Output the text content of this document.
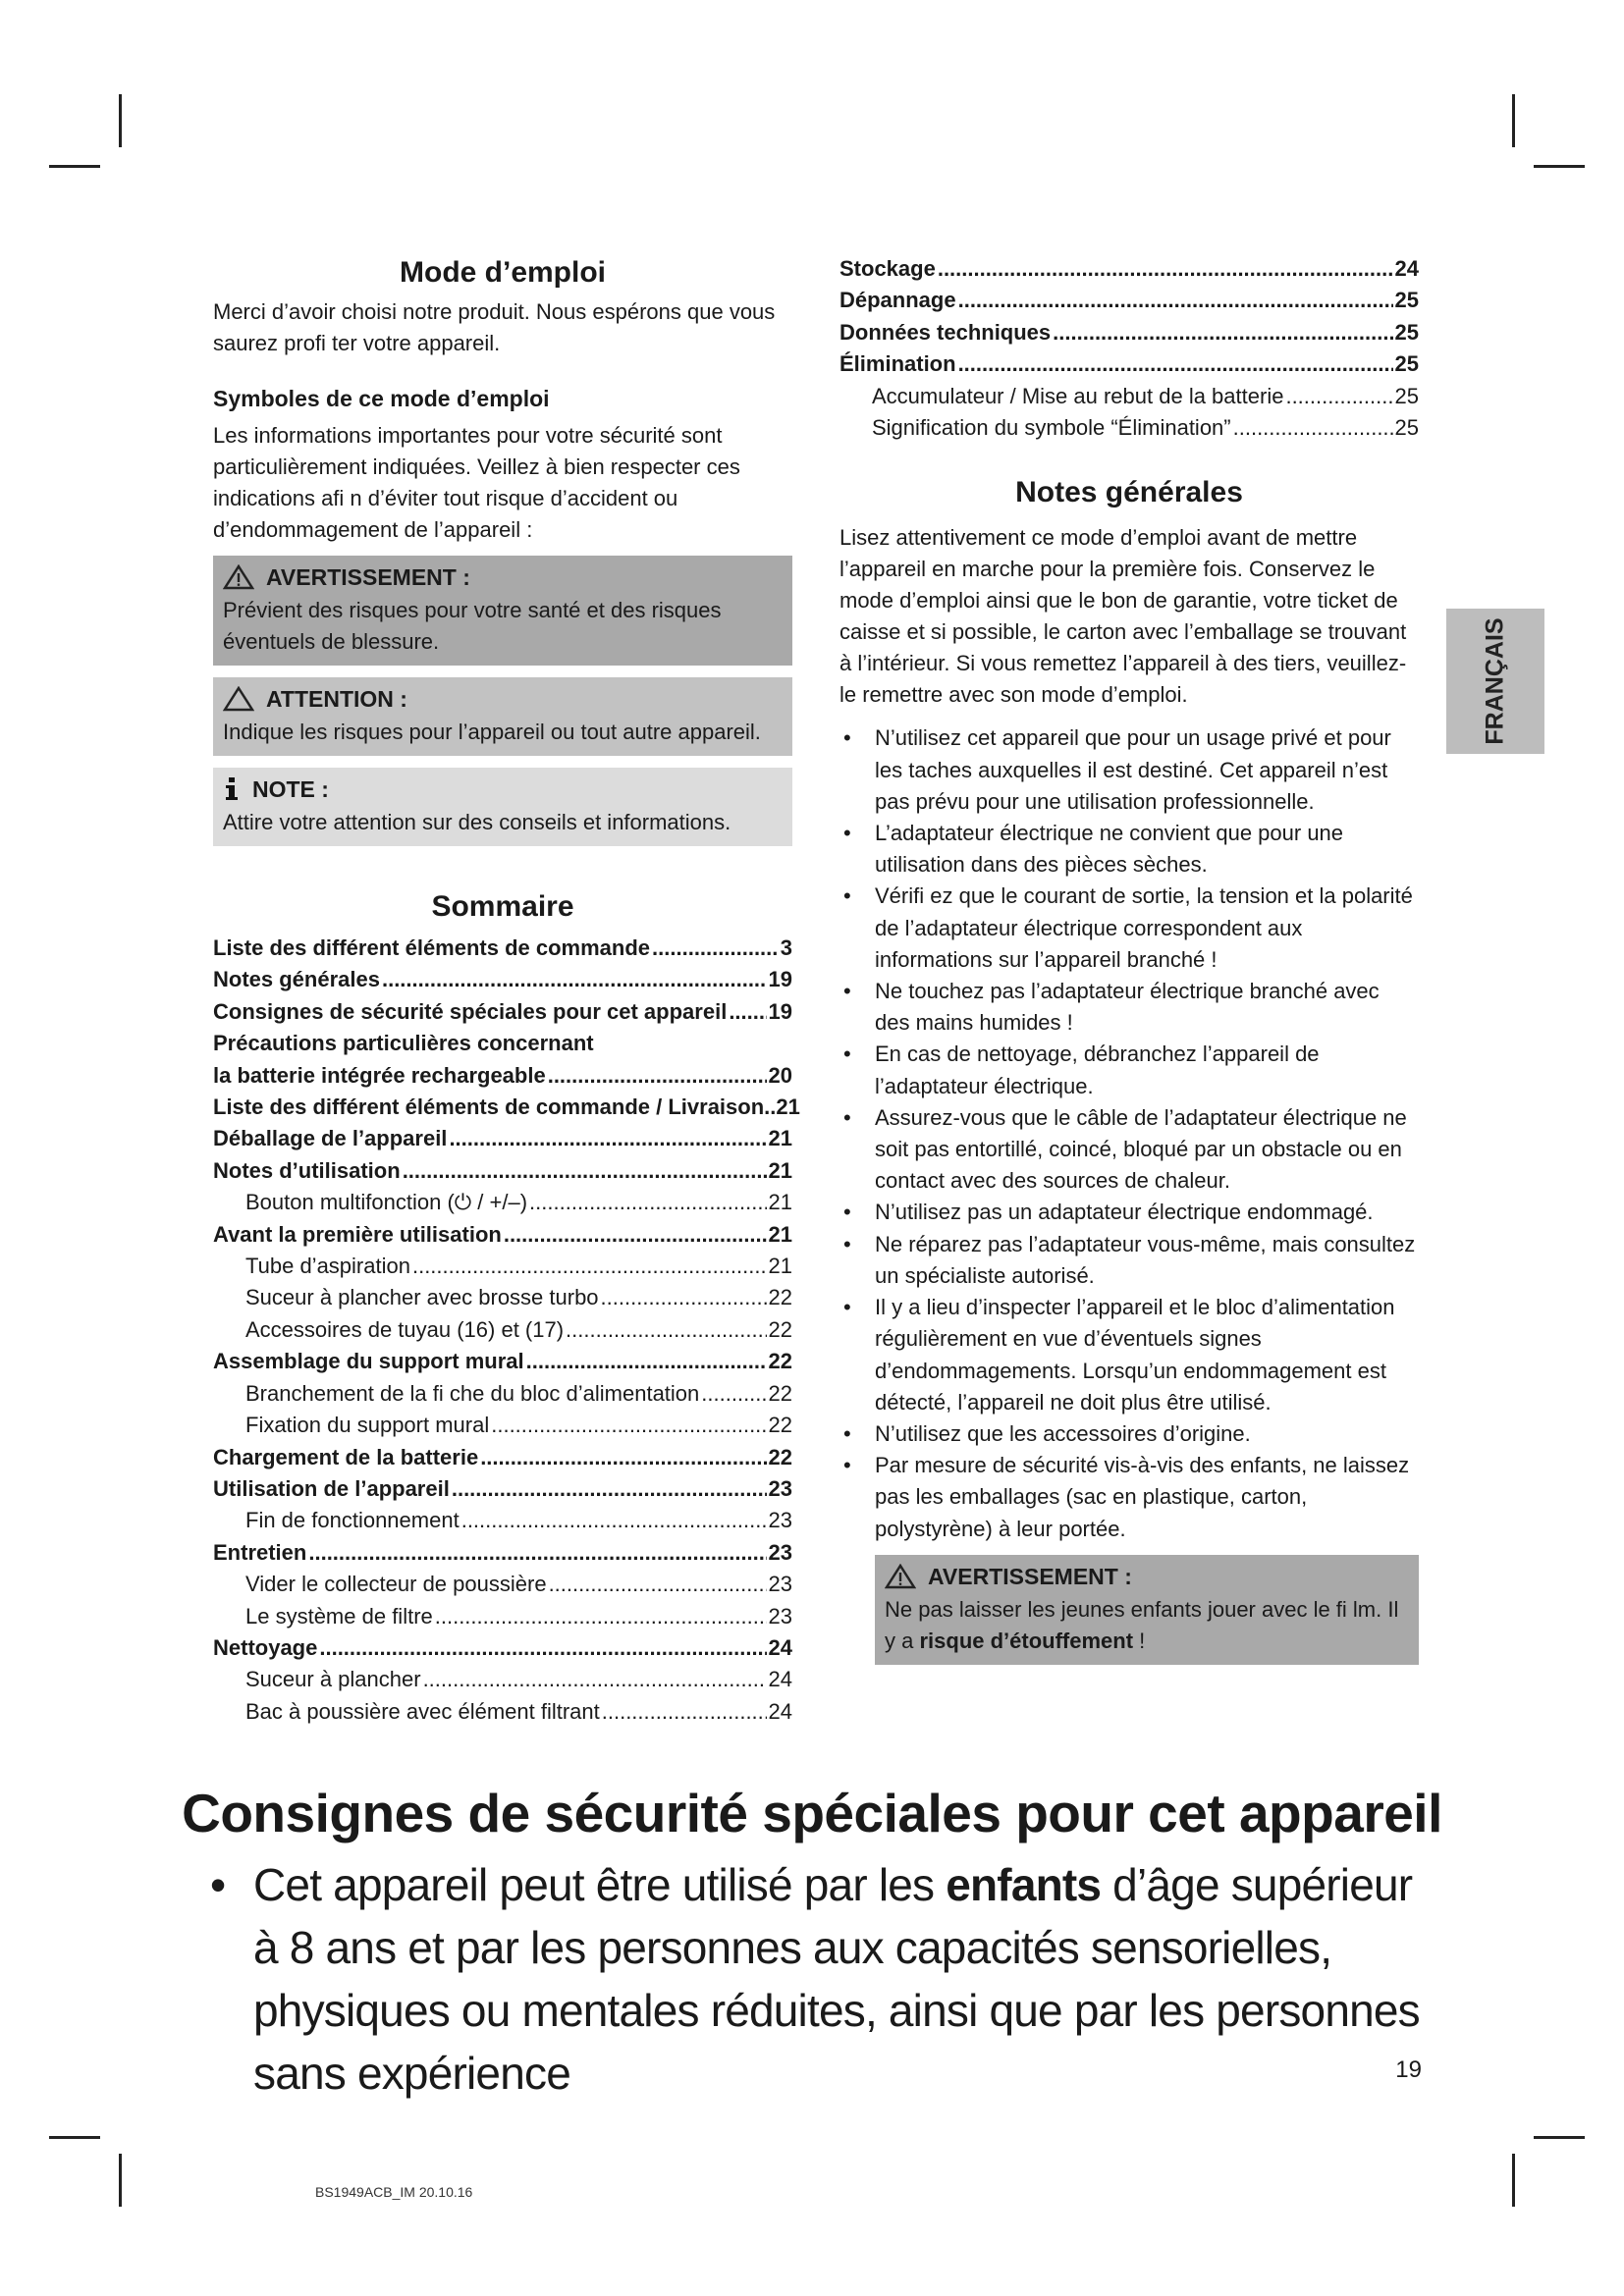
Mode d’emploi

Merci d’avoir choisi notre produit. Nous espérons que vous saurez profi ter votre appareil.

Symboles de ce mode d’emploi

Les informations importantes pour votre sécurité sont particulièrement indiquées. Veillez à bien respecter ces indications afi n d’éviter tout risque d’accident ou d’endommagement de l’appareil :

AVERTISSEMENT :
Prévient des risques pour votre santé et des risques éventuels de blessure.
ATTENTION :
Indique les risques pour l’appareil ou tout autre appareil.
NOTE :
Attire votre attention sur des conseils et informations.
Sommaire
Liste des différent éléments de commande .....	3
Notes générales .....	19
Consignes de sécurité spéciales pour cet appareil ..... 19
Précautions particulières concernant
la batterie intégrée rechargeable .....	20
Liste des différent éléments de commande / Livraison.. 21
Déballage de l’appareil .....	21
Notes d’utilisation .....	21
Bouton multifonction (⏻ / +/–) .....	21
Avant la première utilisation .....	21
Tube d’aspiration .....	21
Suceur à plancher avec brosse turbo .....	22
Accessoires de tuyau (16) et (17) .....	22
Assemblage du support mural .....	22
Branchement de la fi che du bloc d’alimentation .....	22
Fixation du support mural .....	22
Chargement de la batterie .....	22
Utilisation de l’appareil .....	23
Fin de fonctionnement .....	23
Entretien .....	23
Vider le collecteur de poussière .....	23
Le système de filtre .....	23
Nettoyage .....	24
Suceur à plancher .....	24
Bac à poussière avec élément filtrant .....	24
Stockage .....	24
Dépannage .....	25
Données techniques .....	25
Élimination .....	25
Accumulateur / Mise au rebut de la batterie .....	25
Signification du symbole “Élimination” .....	25
Notes générales

Lisez attentivement ce mode d’emploi avant de mettre l’appareil en marche pour la première fois. Conservez le mode d’emploi ainsi que le bon de garantie, votre ticket de caisse et si possible, le carton avec l’emballage se trouvant à l’intérieur. Si vous remettez l’appareil à des tiers, veuillez-le remettre avec son mode d’emploi.

• N’utilisez cet appareil que pour un usage privé et pour les taches auxquelles il est destiné. Cet appareil n’est pas prévu pour une utilisation professionnelle.
• L’adaptateur électrique ne convient que pour une utilisation dans des pièces sèches.
• Vérifi ez que le courant de sortie, la tension et la polarité de l’adaptateur électrique correspondent aux informations sur l’appareil branché !
• Ne touchez pas l’adaptateur électrique branché avec des mains humides !
• En cas de nettoyage, débranchez l’appareil de l’adaptateur électrique.
• Assurez-vous que le câble de l’adaptateur électrique ne soit pas entortillé, coincé, bloqué par un obstacle ou en contact avec des sources de chaleur.
• N’utilisez pas un adaptateur électrique endommagé.
• Ne réparez pas l’adaptateur vous-même, mais consultez un spécialiste autorisé.
• Il y a lieu d’inspecter l’appareil et le bloc d’alimentation régulièrement en vue d’éventuels signes d’endommagements. Lorsqu’un endommagement est détecté, l’appareil ne doit plus être utilisé.
• N’utilisez que les accessoires d’origine.
• Par mesure de sécurité vis-à-vis des enfants, ne laissez pas les emballages (sac en plastique, carton, polystyrène) à leur portée.
AVERTISSEMENT :
Ne pas laisser les jeunes enfants jouer avec le fi lm. Il y a risque d’étouffement !
FRANÇAIS
Consignes de sécurité spéciales pour cet appareil
• Cet appareil peut être utilisé par les enfants d’âge supérieur à 8 ans et par les personnes aux capacités sensorielles, physiques ou mentales réduites, ainsi que par les personnes sans expérience	19
BS1949ACB_IM 20.10.16
